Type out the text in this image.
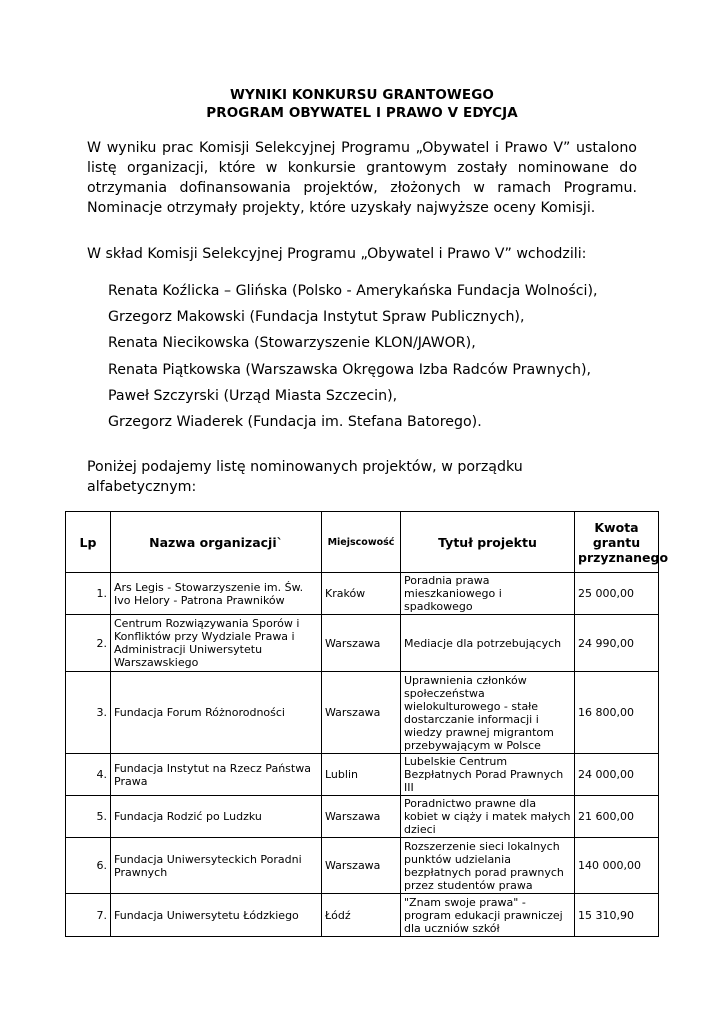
WYNIKI KONKURSU GRANTOWEGO
PROGRAM OBYWATEL I PRAWO V EDYCJA

W wyniku prac Komisji Selekcyjnej Programu „Obywatel i Prawo V” ustalono listę organizacji, które w konkursie grantowym zostały nominowane do otrzymania dofinansowania projektów, złożonych w ramach Programu. Nominacje otrzymały projekty, które uzyskały najwyższe oceny Komisji.

W skład Komisji Selekcyjnej Programu „Obywatel i Prawo V” wchodzili:

Renata Koźlicka – Glińska (Polsko - Amerykańska Fundacja Wolności),
Grzegorz Makowski (Fundacja Instytut Spraw Publicznych),
Renata Niecikowska (Stowarzyszenie KLON/JAWOR),
Renata Piątkowska (Warszawska Okręgowa Izba Radców Prawnych),
Paweł Szczyrski (Urząd Miasta Szczecin),
Grzegorz Wiaderek (Fundacja im. Stefana Batorego).

Poniżej podajemy listę nominowanych projektów, w porządku alfabetycznym:

Lp	Nazwa organizacji`	Miejscowość	Tytuł projektu	Kwota grantu przyznanego
1.	Ars Legis - Stowarzyszenie im. Św. Ivo Helory - Patrona Prawników	Kraków	Poradnia prawa mieszkaniowego i spadkowego	25 000,00
2.	Centrum Rozwiązywania Sporów i Konfliktów przy Wydziale Prawa i Administracji Uniwersytetu Warszawskiego	Warszawa	Mediacje dla potrzebujących	24 990,00
3.	Fundacja Forum Różnorodności	Warszawa	Uprawnienia członków społeczeństwa wielokulturowego - stałe dostarczanie informacji i wiedzy prawnej migrantom przebywającym w Polsce	16 800,00
4.	Fundacja Instytut na Rzecz Państwa Prawa	Lublin	Lubelskie Centrum Bezpłatnych Porad Prawnych III	24 000,00
5.	Fundacja Rodzić po Ludzku	Warszawa	Poradnictwo prawne dla kobiet w ciąży i matek małych dzieci	21 600,00
6.	Fundacja Uniwersyteckich Poradni Prawnych	Warszawa	Rozszerzenie sieci lokalnych punktów udzielania bezpłatnych porad prawnych przez studentów prawa	140 000,00
7.	Fundacja Uniwersytetu Łódzkiego	Łódź	"Znam swoje prawa" - program edukacji prawniczej dla uczniów szkół	15 310,90
